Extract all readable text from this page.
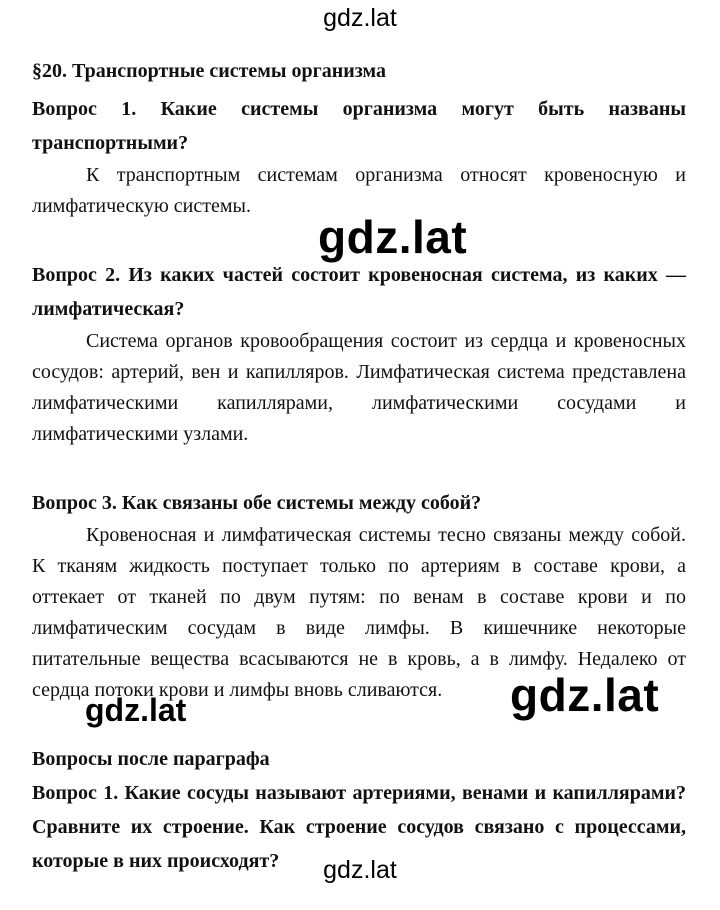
gdz.lat

§20. Транспортные системы организма

Вопрос 1. Какие системы организма могут быть названы транспортными?

К транспортным системам организма относят кровеносную и лимфатическую системы.

Вопрос 2. Из каких частей состоит кровеносная система, из каких — лимфатическая?

Система органов кровообращения состоит из сердца и кровеносных сосудов: артерий, вен и капилляров. Лимфатическая система представлена лимфатическими капиллярами, лимфатическими сосудами и лимфатическими узлами.

Вопрос 3. Как связаны обе системы между собой?

Кровеносная и лимфатическая системы тесно связаны между собой. К тканям жидкость поступает только по артериям в составе крови, а оттекает от тканей по двум путям: по венам в составе крови и по лимфатическим сосудам в виде лимфы. В кишечнике некоторые питательные вещества всасываются не в кровь, а в лимфу. Недалеко от сердца потоки крови и лимфы вновь сливаются.

Вопросы после параграфа

Вопрос 1. Какие сосуды называют артериями, венами и капиллярами? Сравните их строение. Как строение сосудов связано с процессами, которые в них происходят?

gdz.lat
gdz.lat
gdz.lat
gdz.lat
